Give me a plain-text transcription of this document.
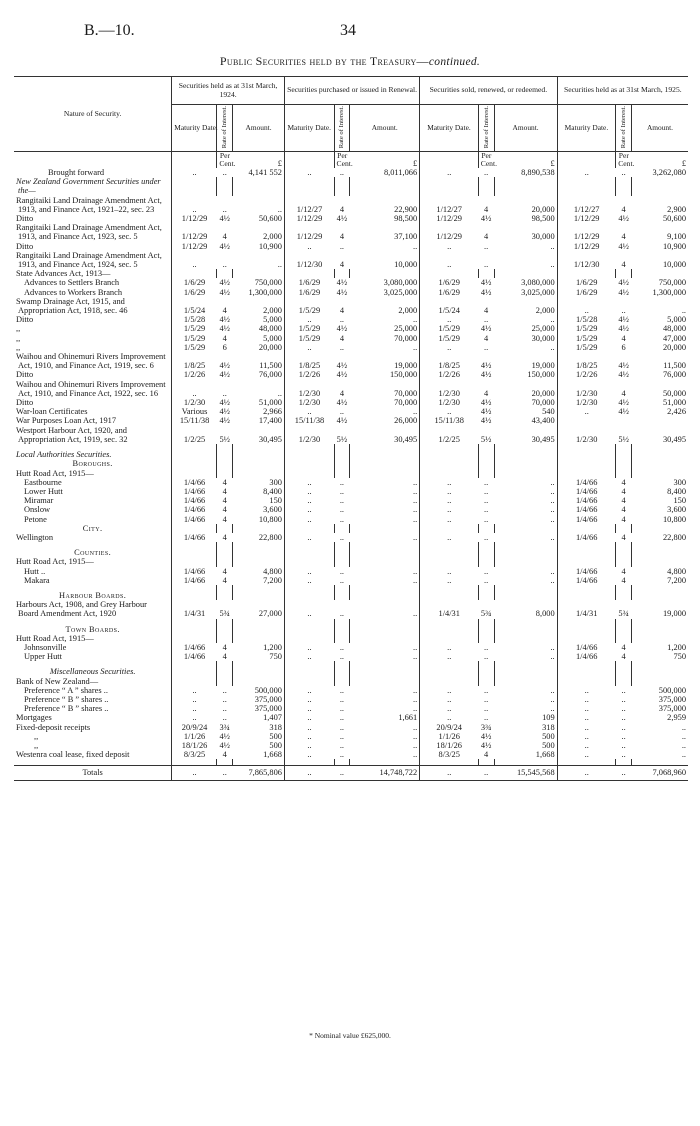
B.—10.	34
Public Securities held by the Treasury—continued.
Nature of Security.	Securities held as at 31st March, 1924.			Securities purchased or issued in Renewal.			Securities sold, renewed, or redeemed.			Securities held as at 31st March, 1925.		
	Maturity Date.	Rate of Interest.	Amount.	Maturity Date.	Rate of Interest.	Amount.	Maturity Date.	Rate of Interest.	Amount.	Maturity Date.	Rate of Interest.	Amount.
		Per Cent.	£		Per Cent.	£		Per Cent.	£		Per Cent.	£
Brought forward	..	..	4,141 552	..	..	8,011,066	..	..	8,890,538	..	..	3,262,080
New Zealand Government Securities under the—												
Rangitaiki Land Drainage Amendment Act, 1913, and Finance Act, 1921–22, sec. 23	..	..	..	1/12/27	4	22,900	1/12/27	4	20,000	1/12/27	4	2,900
Ditto	1/12/29	4½	50,600	1/12/29	4½	98,500	1/12/29	4½	98,500	1/12/29	4½	50,600
Rangitaiki Land Drainage Amendment Act, 1913, and Finance Act, 1923, sec. 5	1/12/29	4	2,000	1/12/29	4	37,100	1/12/29	4	30,000	1/12/29	4	9,100
Ditto	1/12/29	4½	10,900	..	..	..	..	..	..	1/12/29	4½	10,900
Rangitaiki Land Drainage Amendment Act, 1913, and Finance Act, 1924, sec. 5	..	..	..	1/12/30	4	10,000	..	..	..	1/12/30	4	10,000
State Advances Act, 1913—												
Advances to Settlers Branch	1/6/29	4½	750,000	1/6/29	4½	3,080,000	1/6/29	4½	3,080,000	1/6/29	4½	750,000
Advances to Workers Branch	1/6/29	4½	1,300,000	1/6/29	4½	3,025,000	1/6/29	4½	3,025,000	1/6/29	4½	1,300,000
Swamp Drainage Act, 1915, and Appropriation Act, 1918, sec. 46	1/5/24	4	2,000	1/5/29	4	2,000	1/5/24	4	2,000	..	..	..
Ditto	1/5/28	4½	5,000	..	..	..	..	..	..	1/5/28	4½	5,000
,,	1/5/29	4½	48,000	1/5/29	4½	25,000	1/5/29	4½	25,000	1/5/29	4½	48,000
,,	1/5/29	4	5,000	1/5/29	4	70,000	1/5/29	4	30,000	1/5/29	4	47,000
,,	1/5/29	6	20,000	..	..	..	..	..	..	1/5/29	6	20,000
Waihou and Ohinemuri Rivers Improvement Act, 1910, and Finance Act, 1919, sec. 6	1/8/25	4½	11,500	1/8/25	4½	19,000	1/8/25	4½	19,000	1/8/25	4½	11,500
Ditto	1/2/26	4½	76,000	1/2/26	4½	150,000	1/2/26	4½	150,000	1/2/26	4½	76,000
Waihou and Ohinemuri Rivers Improvement Act, 1910, and Finance Act, 1922, sec. 16	..	..	..	1/2/30	4	70,000	1/2/30	4	20,000	1/2/30	4	50,000
Ditto	1/2/30	4½	51,000	1/2/30	4½	70,000	1/2/30	4½	70,000	1/2/30	4½	51,000
War-loan Certificates	Various	4½	2,966	..	..	..	..	4½	540	..	4½	2,426
War Purposes Loan Act, 1917	15/11/38	4½	17,400	15/11/38	4½	26,000	15/11/38	4½	43,400			
Westport Harbour Act, 1920, and Appropriation Act, 1919, sec. 32	1/2/25	5½	30,495	1/2/30	5½	30,495	1/2/25	5½	30,495	1/2/30	5½	30,495

Local Authorities Securities.												
Boroughs.												
Hutt Road Act, 1915—												
Eastbourne	1/4/66	4	300	..	..	..	..	..	..	1/4/66	4	300
Lower Hutt	1/4/66	4	8,400	..	..	..	..	..	..	1/4/66	4	8,400
Miramar	1/4/66	4	150	..	..	..	..	..	..	1/4/66	4	150
Onslow	1/4/66	4	3,600	..	..	..	..	..	..	1/4/66	4	3,600
Petone	1/4/66	4	10,800	..	..	..	..	..	..	1/4/66	4	10,800
City.												
Wellington	1/4/66	4	22,800	..	..	..	..	..	..	1/4/66	4	22,800

Counties.												
Hutt Road Act, 1915—												
Hutt ..	1/4/66	4	4,800	..	..	..	..	..	..	1/4/66	4	4,800
Makara	1/4/66	4	7,200	..	..	..	..	..	..	1/4/66	4	7,200

Harbour Boards.												
Harbours Act, 1908, and Grey Harbour Board Amendment Act, 1920	1/4/31	5¾	27,000	..	..	..	1/4/31	5¾	8,000	1/4/31	5¾	19,000

Town Boards.												
Hutt Road Act, 1915—												
Johnsonville	1/4/66	4	1,200	..	..	..	..	..	..	1/4/66	4	1,200
Upper Hutt	1/4/66	4	750	..	..	..	..	..	..	1/4/66	4	750

Miscellaneous Securities.												
Bank of New Zealand—												
Preference “ A ” shares ..	..	..	500,000	..	..	..	..	..	..	..	..	500,000
Preference “ B ” shares ..	..	..	375,000	..	..	..	..	..	..	..	..	375,000
Preference “ B ” shares ..	..	..	375,000	..	..	..	..	..	..	..	..	375,000
Mortgages	..	..	1,407	..	..	1,661	..	..	109	..	..	2,959
Fixed-deposit receipts	20/9/24	3¾	318	..	..	..	20/9/24	3¾	318	..	..	..
,,	1/1/26	4½	500	..	..	..	1/1/26	4½	500	..	..	..
,,	18/1/26	4½	500	..	..	..	18/1/26	4½	500	..	..	..
Westenra coal lease, fixed deposit	8/3/25	4	1,668	..	..	..	8/3/25	4	1,668	..	..	..

Totals	..	..	7,865,806	..	..	14,748,722	..	..	15,545,568	..	..	7,068,960
* Nominal value £625,000.
